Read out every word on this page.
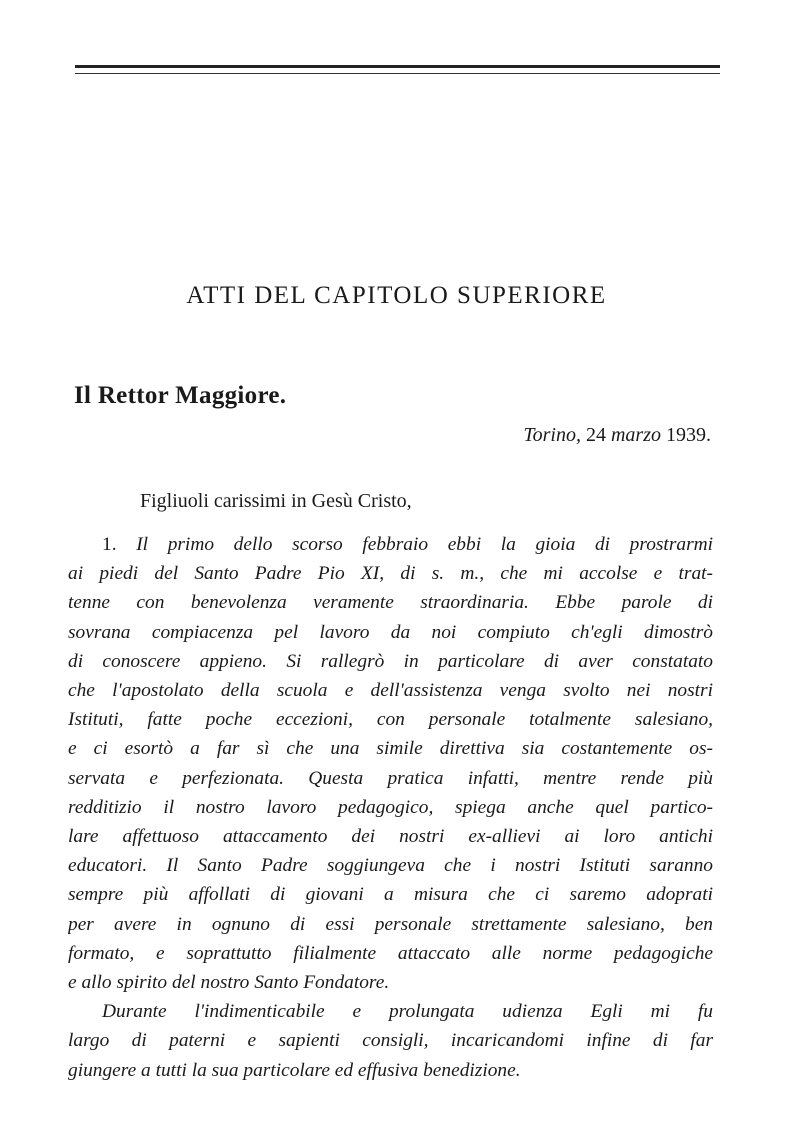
ATTI DEL CAPITOLO SUPERIORE
Il Rettor Maggiore.
Torino, 24 marzo 1939.
Figliuoli carissimi in Gesù Cristo,
1. Il primo dello scorso febbraio ebbi la gioia di prostrarmi
ai piedi del Santo Padre Pio XI, di s. m., che mi accolse e trat-
tenne con benevolenza veramente straordinaria. Ebbe parole di
sovrana compiacenza pel lavoro da noi compiuto ch'egli dimostrò
di conoscere appieno. Si rallegrò in particolare di aver constatato
che l'apostolato della scuola e dell'assistenza venga svolto nei nostri
Istituti, fatte poche eccezioni, con personale totalmente salesiano,
e ci esortò a far sì che una simile direttiva sia costantemente os-
servata e perfezionata. Questa pratica infatti, mentre rende più
redditizio il nostro lavoro pedagogico, spiega anche quel partico-
lare affettuoso attaccamento dei nostri ex-allievi ai loro antichi
educatori. Il Santo Padre soggiungeva che i nostri Istituti saranno
sempre più affollati di giovani a misura che ci saremo adoprati
per avere in ognuno di essi personale strettamente salesiano, ben
formato, e soprattutto filialmente attaccato alle norme pedagogiche
e allo spirito del nostro Santo Fondatore.
Durante l'indimenticabile e prolungata udienza Egli mi fu
largo di paterni e sapienti consigli, incaricandomi infine di far
giungere a tutti la sua particolare ed effusiva benedizione.
